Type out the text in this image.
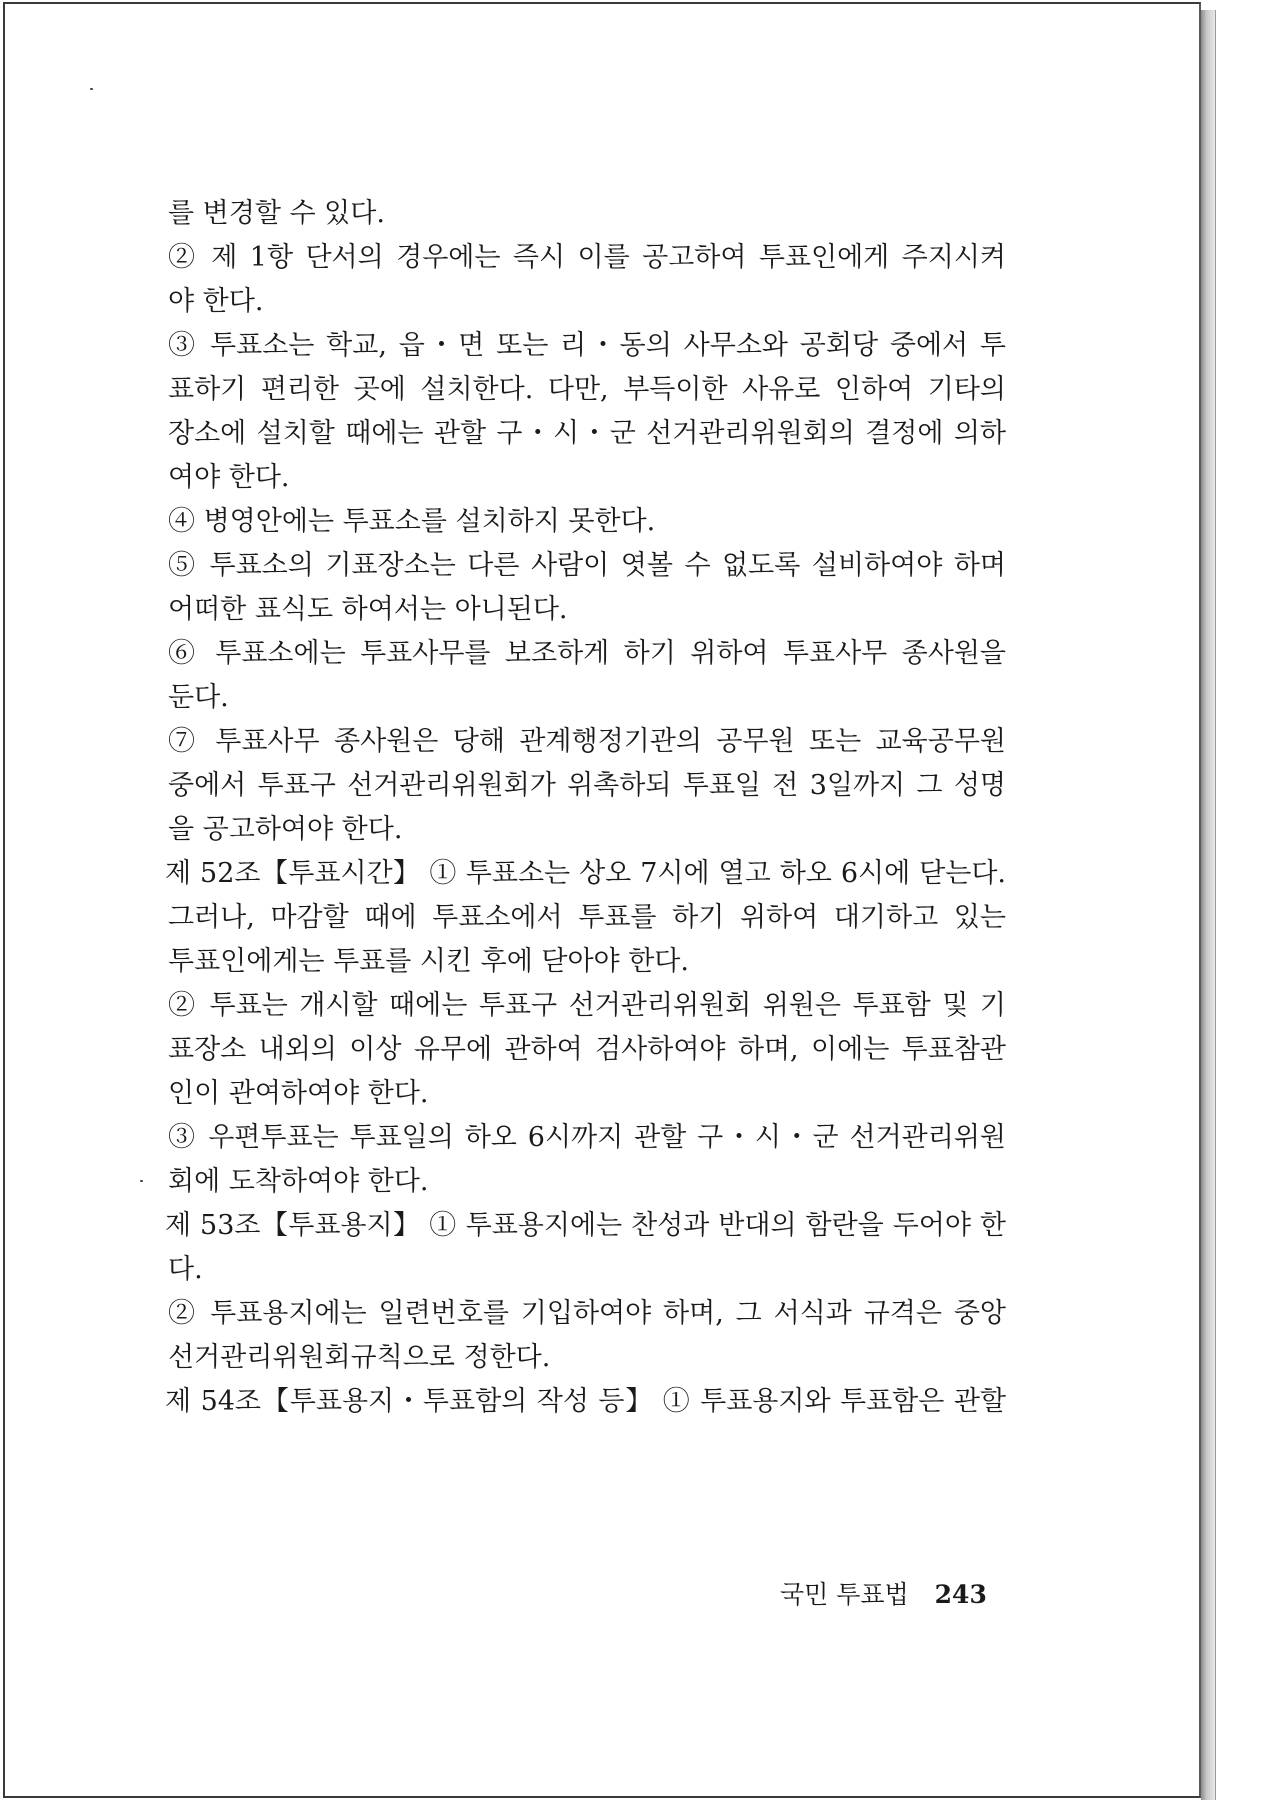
를 변경할 수 있다.
② 제 1항 단서의 경우에는 즉시 이를 공고하여 투표인에게 주지시켜
야 한다.
③ 투표소는 학교, 읍・면 또는 리・동의 사무소와 공회당 중에서 투
표하기 편리한 곳에 설치한다. 다만, 부득이한 사유로 인하여 기타의
장소에 설치할 때에는 관할 구・시・군 선거관리위원회의 결정에 의하
여야 한다.
④ 병영안에는 투표소를 설치하지 못한다.
⑤ 투표소의 기표장소는 다른 사람이 엿볼 수 없도록 설비하여야 하며
어떠한 표식도 하여서는 아니된다.
⑥ 투표소에는 투표사무를 보조하게 하기 위하여 투표사무 종사원을
둔다.
⑦ 투표사무 종사원은 당해 관계행정기관의 공무원 또는 교육공무원
중에서 투표구 선거관리위원회가 위촉하되 투표일 전 3일까지 그 성명
을 공고하여야 한다.
제 52조【투표시간】 ① 투표소는 상오 7시에 열고 하오 6시에 닫는다.
그러나, 마감할 때에 투표소에서 투표를 하기 위하여 대기하고 있는
투표인에게는 투표를 시킨 후에 닫아야 한다.
② 투표는 개시할 때에는 투표구 선거관리위원회 위원은 투표함 및 기
표장소 내외의 이상 유무에 관하여 검사하여야 하며, 이에는 투표참관
인이 관여하여야 한다.
③ 우편투표는 투표일의 하오 6시까지 관할 구・시・군 선거관리위원
회에 도착하여야 한다.
제 53조【투표용지】 ① 투표용지에는 찬성과 반대의 함란을 두어야 한
다.
② 투표용지에는 일련번호를 기입하여야 하며, 그 서식과 규격은 중앙
선거관리위원회규칙으로 정한다.
제 54조【투표용지・투표함의 작성 등】 ① 투표용지와 투표함은 관할
국민 투표법 243
